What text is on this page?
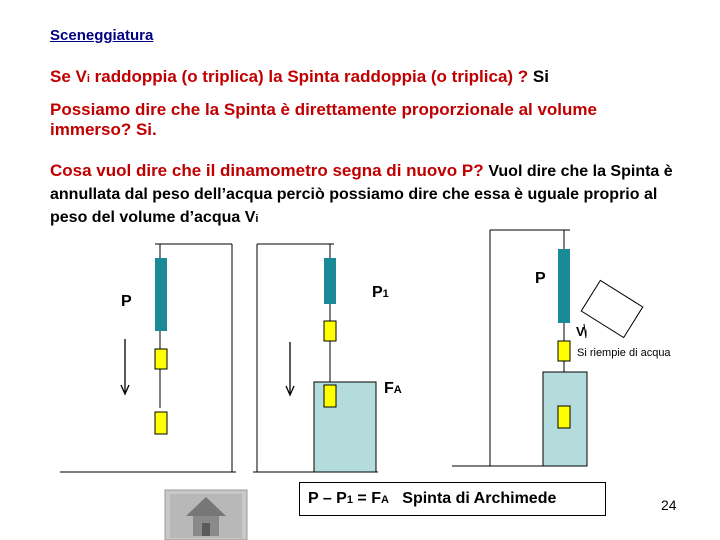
Sceneggiatura
Se Vi raddoppia (o triplica) la Spinta raddoppia (o triplica) ? Si
Possiamo dire che la Spinta è direttamente proporzionale al volume immerso? Si.
Cosa vuol dire che il dinamometro segna di nuovo P? Vuol dire che la Spinta è annullata dal peso dell’acqua perciò possiamo dire che essa è uguale proprio al peso del volume d’acqua Vi
P
P1
P
Vi
Si riempie di acqua
FA
P – P1 = FA   Spinta di Archimede	24
